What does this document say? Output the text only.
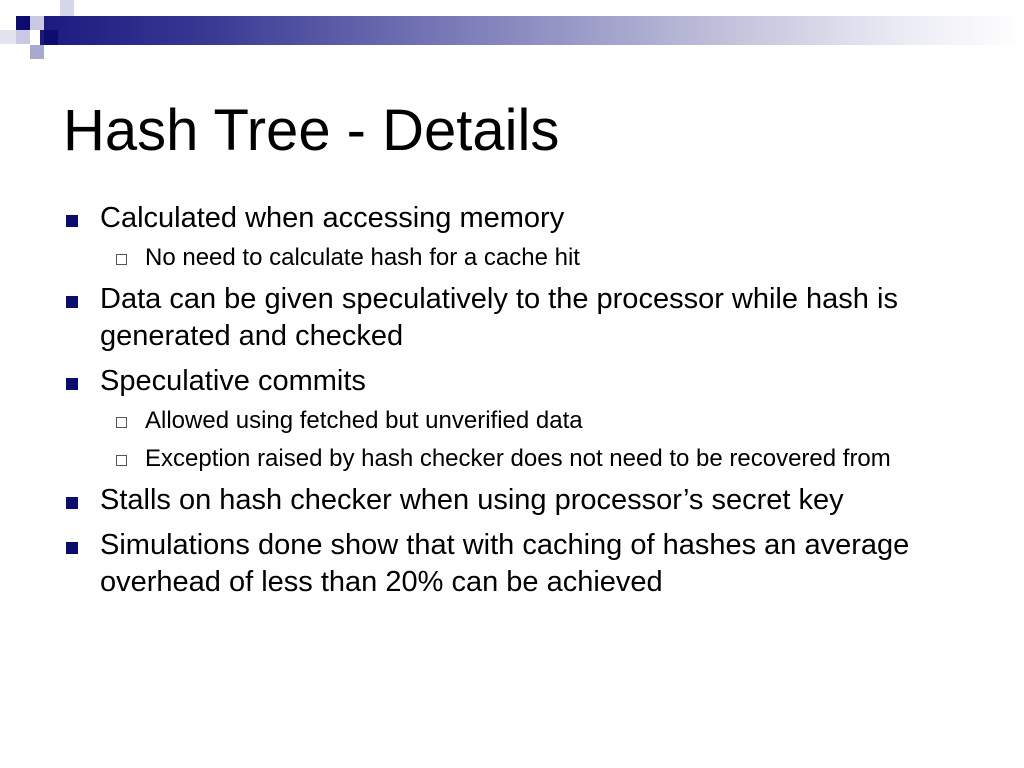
Hash Tree - Details
Calculated when accessing memory
No need to calculate hash for a cache hit
Data can be given speculatively to the processor while hash is generated and checked
Speculative commits
Allowed using fetched but unverified data
Exception raised by hash checker does not need to be recovered from
Stalls on hash checker when using processor’s secret key
Simulations done show that with caching of hashes an average overhead of less than 20% can be achieved
